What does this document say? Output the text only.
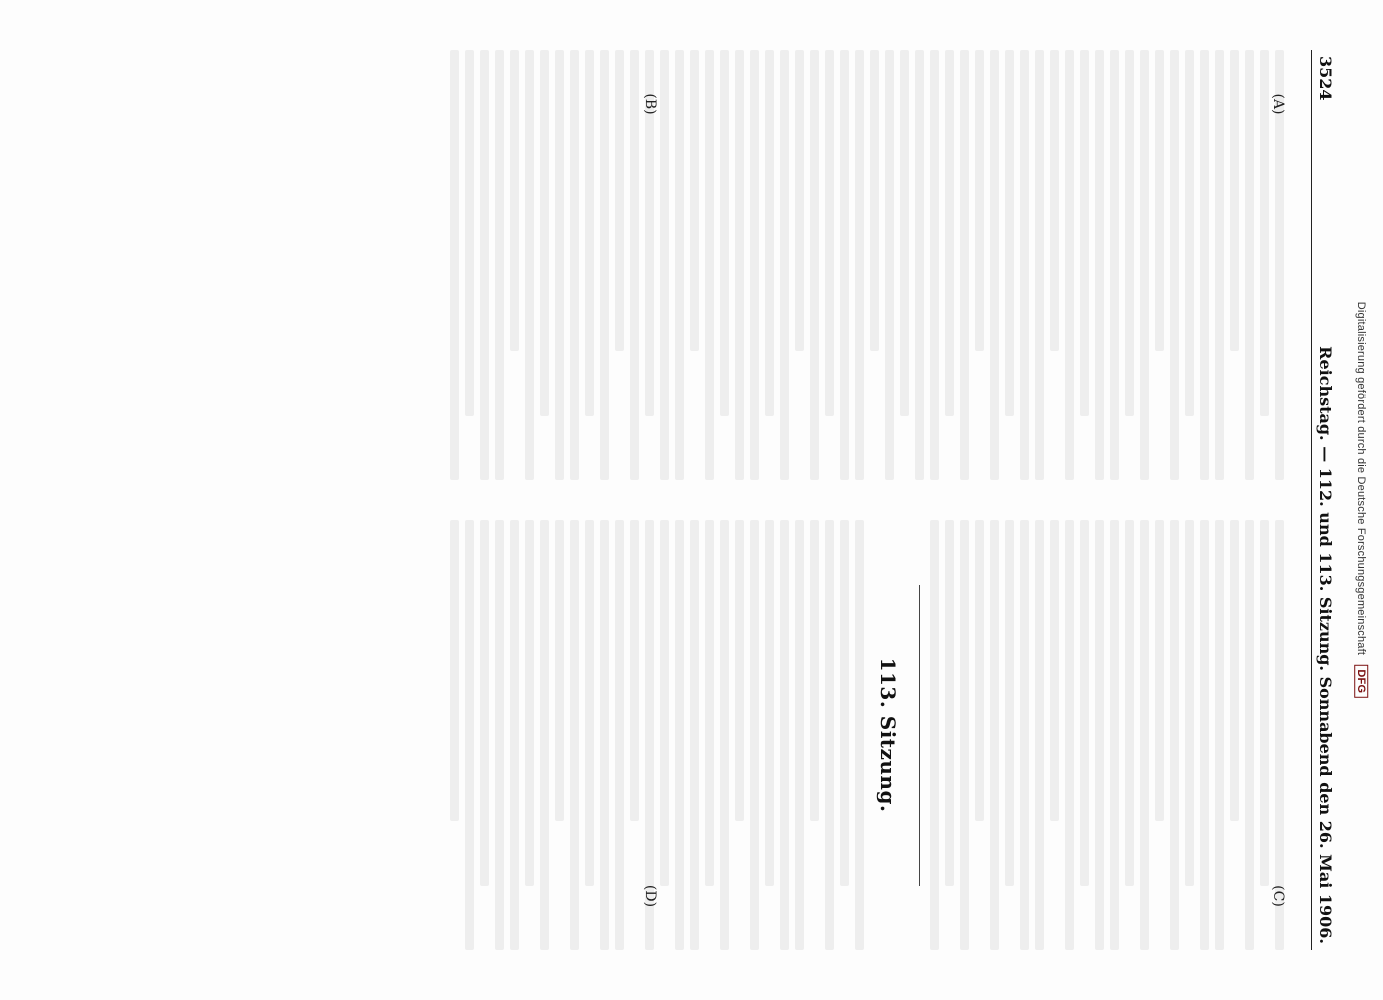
3524
Reichstag. — 112. und 113. Sitzung. Sonnabend den 26. Mai 1906.
(A)
(B)
(C)
(D)
113. Sitzung.
Digitalisierung gefördert durch die Deutsche Forschungsgemeinschaft DFG
